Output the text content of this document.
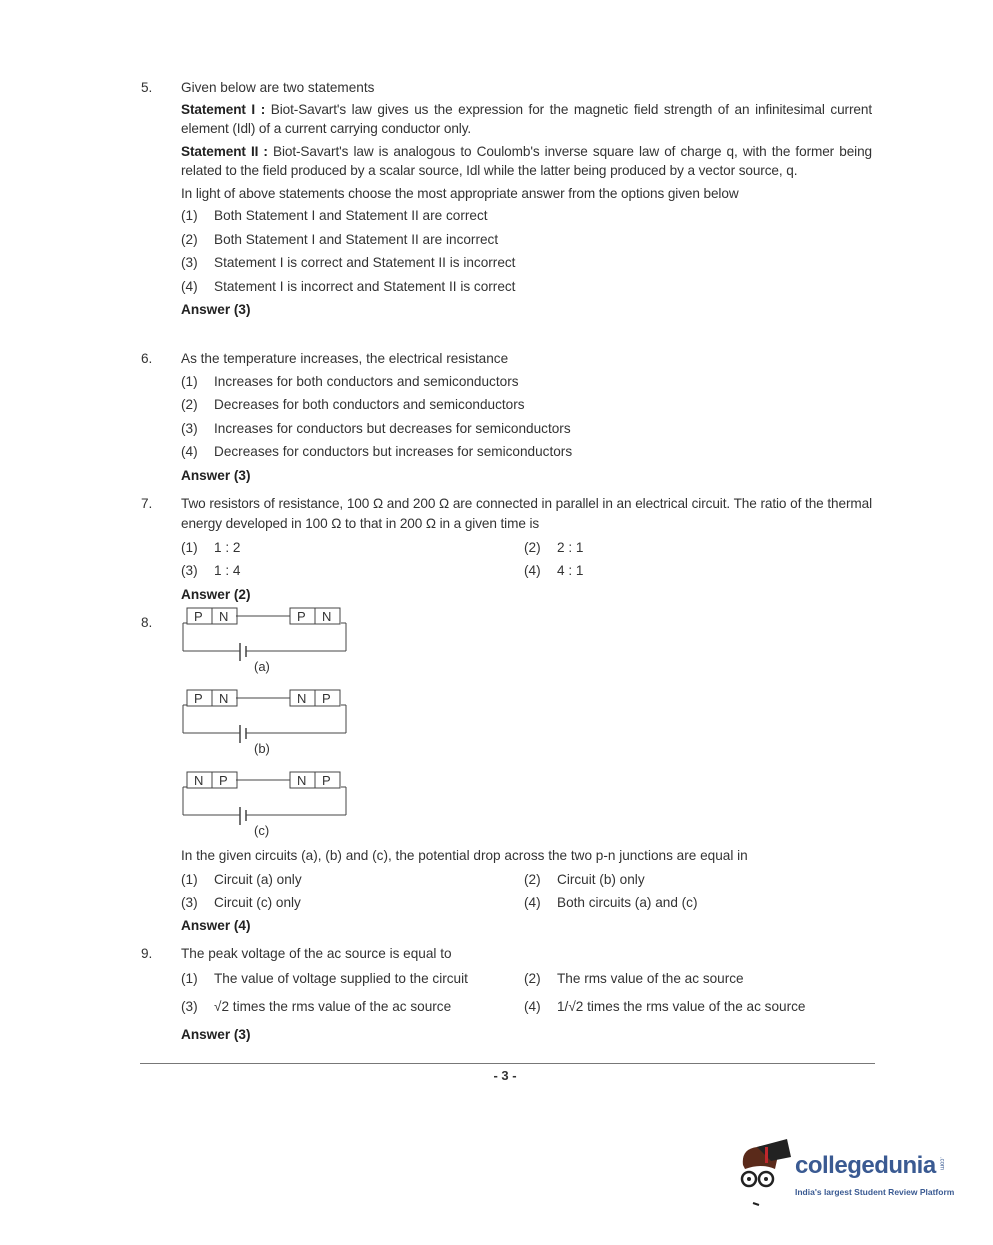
5. Given below are two statements
Statement I : Biot-Savart's law gives us the expression for the magnetic field strength of an infinitesimal current element (Idl) of a current carrying conductor only.
Statement II : Biot-Savart's law is analogous to Coulomb's inverse square law of charge q, with the former being related to the field produced by a scalar source, Idl while the latter being produced by a vector source, q.
In light of above statements choose the most appropriate answer from the options given below
(1) Both Statement I and Statement II are correct
(2) Both Statement I and Statement II are incorrect
(3) Statement I is correct and Statement II is incorrect
(4) Statement I is incorrect and Statement II is correct
Answer (3)
6. As the temperature increases, the electrical resistance
(1) Increases for both conductors and semiconductors
(2) Decreases for both conductors and semiconductors
(3) Increases for conductors but decreases for semiconductors
(4) Decreases for conductors but increases for semiconductors
Answer (3)
7. Two resistors of resistance, 100 Ω and 200 Ω are connected in parallel in an electrical circuit. The ratio of the thermal energy developed in 100 Ω to that in 200 Ω in a given time is
(1) 1 : 2	(2) 2 : 1
(3) 1 : 4	(4) 4 : 1
Answer (2)
8.	P N	P N
(a)
P N	N P
(b)
N P	N P
(c)
In the given circuits (a), (b) and (c), the potential drop across the two p-n junctions are equal in
(1) Circuit (a) only	(2) Circuit (b) only
(3) Circuit (c) only	(4) Both circuits (a) and (c)
Answer (4)
9. The peak voltage of the ac source is equal to
(1) The value of voltage supplied to the circuit	(2) The rms value of the ac source
(3) √2 times the rms value of the ac source	(4) 1/√2 times the rms value of the ac source
Answer (3)
- 3 -
collegedunia .com
India's largest Student Review Platform
